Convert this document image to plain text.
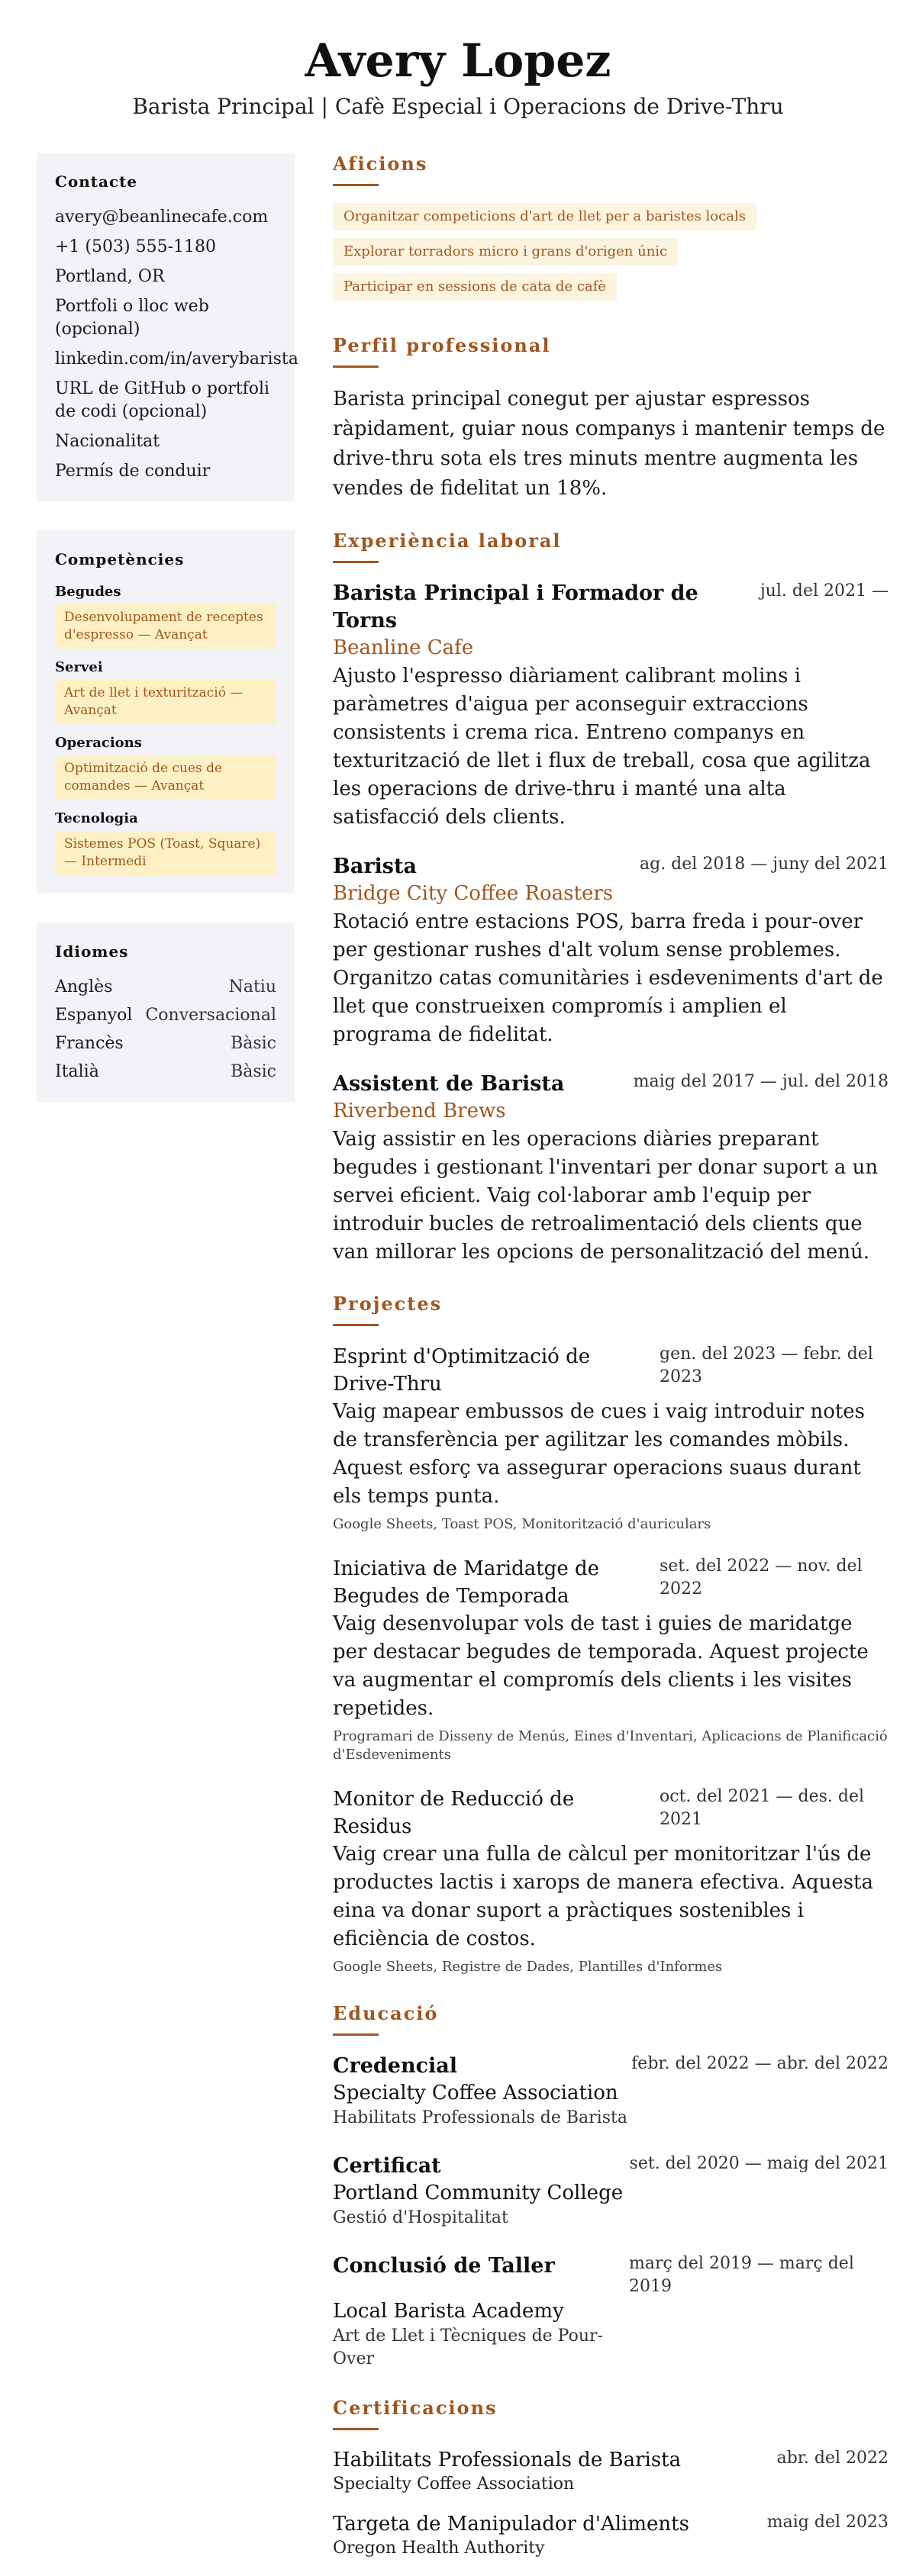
Avery Lopez
Barista Principal | Cafè Especial i Operacions de Drive-Thru
Contacte
avery@beanlinecafe.com
+1 (503) 555-1180
Portland, OR
Portfoli o lloc web (opcional)
linkedin.com/in/averybarista
URL de GitHub o portfoli de codi (opcional)
Nacionalitat
Permís de conduir
Competències
Begudes
Desenvolupament de receptes d'espresso — Avançat
Servei
Art de llet i texturització — Avançat
Operacions
Optimització de cues de comandes — Avançat
Tecnologia
Sistemes POS (Toast, Square) — Intermedi
Idiomes
Anglès	Natiu
Espanyol Conversacional
Francès	Bàsic
Italià	Bàsic
Aficions
Organitzar competicions d'art de llet per a baristes locals
Explorar torradors micro i grans d'origen únic
Participar en sessions de cata de cafè
Perfil professional
Barista principal conegut per ajustar espressos ràpidament, guiar nous companys i mantenir temps de drive-thru sota els tres minuts mentre augmenta les vendes de fidelitat un 18%.
Experiència laboral
Barista Principal i Formador de Torns
jul. del 2021 —
Beanline Cafe
Ajusto l'espresso diàriament calibrant molins i paràmetres d'aigua per aconseguir extraccions consistents i crema rica. Entreno companys en texturització de llet i flux de treball, cosa que agilitza les operacions de drive-thru i manté una alta satisfacció dels clients.
Barista	ag. del 2018 — juny del 2021
Bridge City Coffee Roasters
Rotació entre estacions POS, barra freda i pour-over per gestionar rushes d'alt volum sense problemes. Organitzo catas comunitàries i esdeveniments d'art de llet que construeixen compromís i amplien el programa de fidelitat.
Assistent de Barista	maig del 2017 — jul. del 2018
Riverbend Brews
Vaig assistir en les operacions diàries preparant begudes i gestionant l'inventari per donar suport a un servei eficient. Vaig col·laborar amb l'equip per introduir bucles de retroalimentació dels clients que van millorar les opcions de personalització del menú.
Projectes
Esprint d'Optimització de Drive-Thru
gen. del 2023 — febr. del 2023
Vaig mapear embussos de cues i vaig introduir notes de transferència per agilitzar les comandes mòbils. Aquest esforç va assegurar operacions suaus durant els temps punta.
Google Sheets, Toast POS, Monitorització d'auriculars
Iniciativa de Maridatge de Begudes de Temporada
set. del 2022 — nov. del 2022
Vaig desenvolupar vols de tast i guies de maridatge per destacar begudes de temporada. Aquest projecte va augmentar el compromís dels clients i les visites repetides.
Programari de Disseny de Menús, Eines d'Inventari, Aplicacions de Planificació d'Esdeveniments
Monitor de Reducció de Residus
oct. del 2021 — des. del 2021
Vaig crear una fulla de càlcul per monitoritzar l'ús de productes lactis i xarops de manera efectiva. Aquesta eina va donar suport a pràctiques sostenibles i eficiència de costos.
Google Sheets, Registre de Dades, Plantilles d'Informes
Educació
Credencial	febr. del 2022 — abr. del 2022
Specialty Coffee Association
Habilitats Professionals de Barista
Certificat	set. del 2020 — maig del 2021
Portland Community College
Gestió d'Hospitalitat
Conclusió de Taller	març del 2019 — març del 2019
Local Barista Academy
Art de Llet i Tècniques de Pour-Over
Certificacions
Habilitats Professionals de Barista	abr. del 2022
Specialty Coffee Association
Targeta de Manipulador d'Aliments	maig del 2023
Oregon Health Authority
